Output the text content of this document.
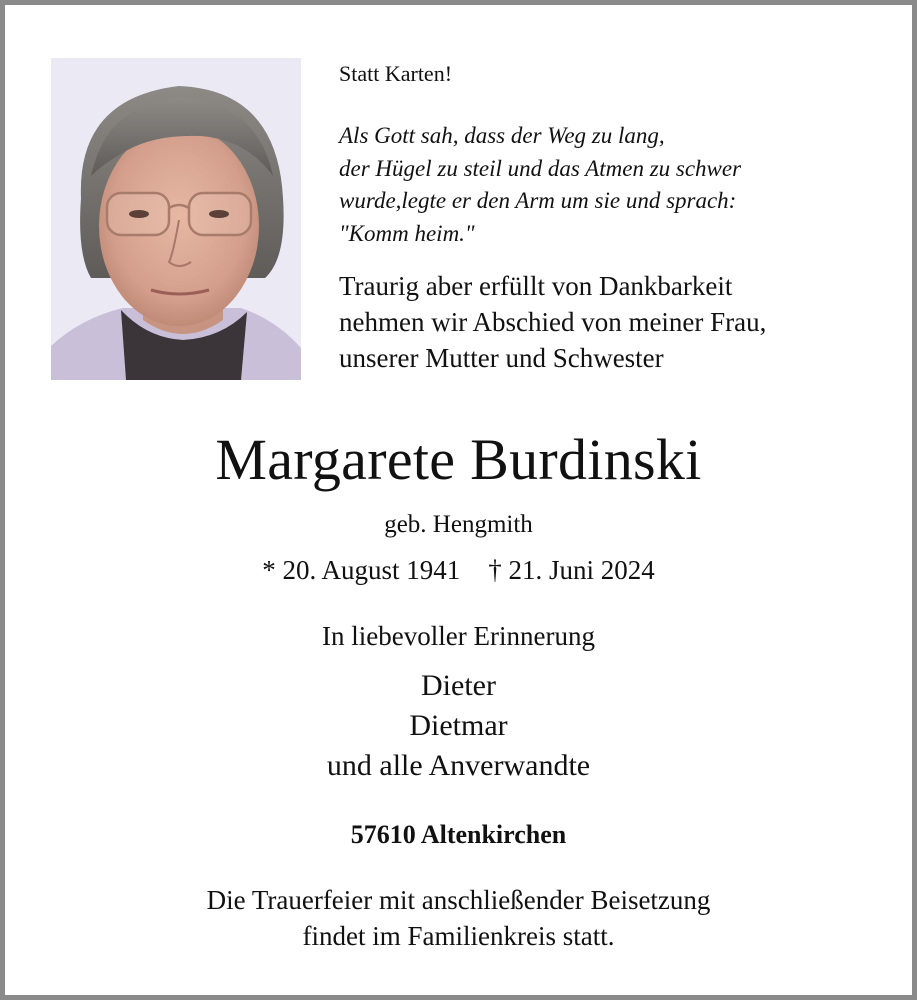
Statt Karten!
Als Gott sah, dass der Weg zu lang,
der Hügel zu steil und das Atmen zu schwer
wurde,legte er den Arm um sie und sprach:
"Komm heim."
Traurig aber erfüllt von Dankbarkeit
nehmen wir Abschied von meiner Frau,
unserer Mutter und Schwester
Margarete Burdinski
geb. Hengmith
* 20. August 1941 † 21. Juni 2024
In liebevoller Erinnerung
Dieter
Dietmar
und alle Anverwandte
57610 Altenkirchen
Die Trauerfeier mit anschließender Beisetzung
findet im Familienkreis statt.
